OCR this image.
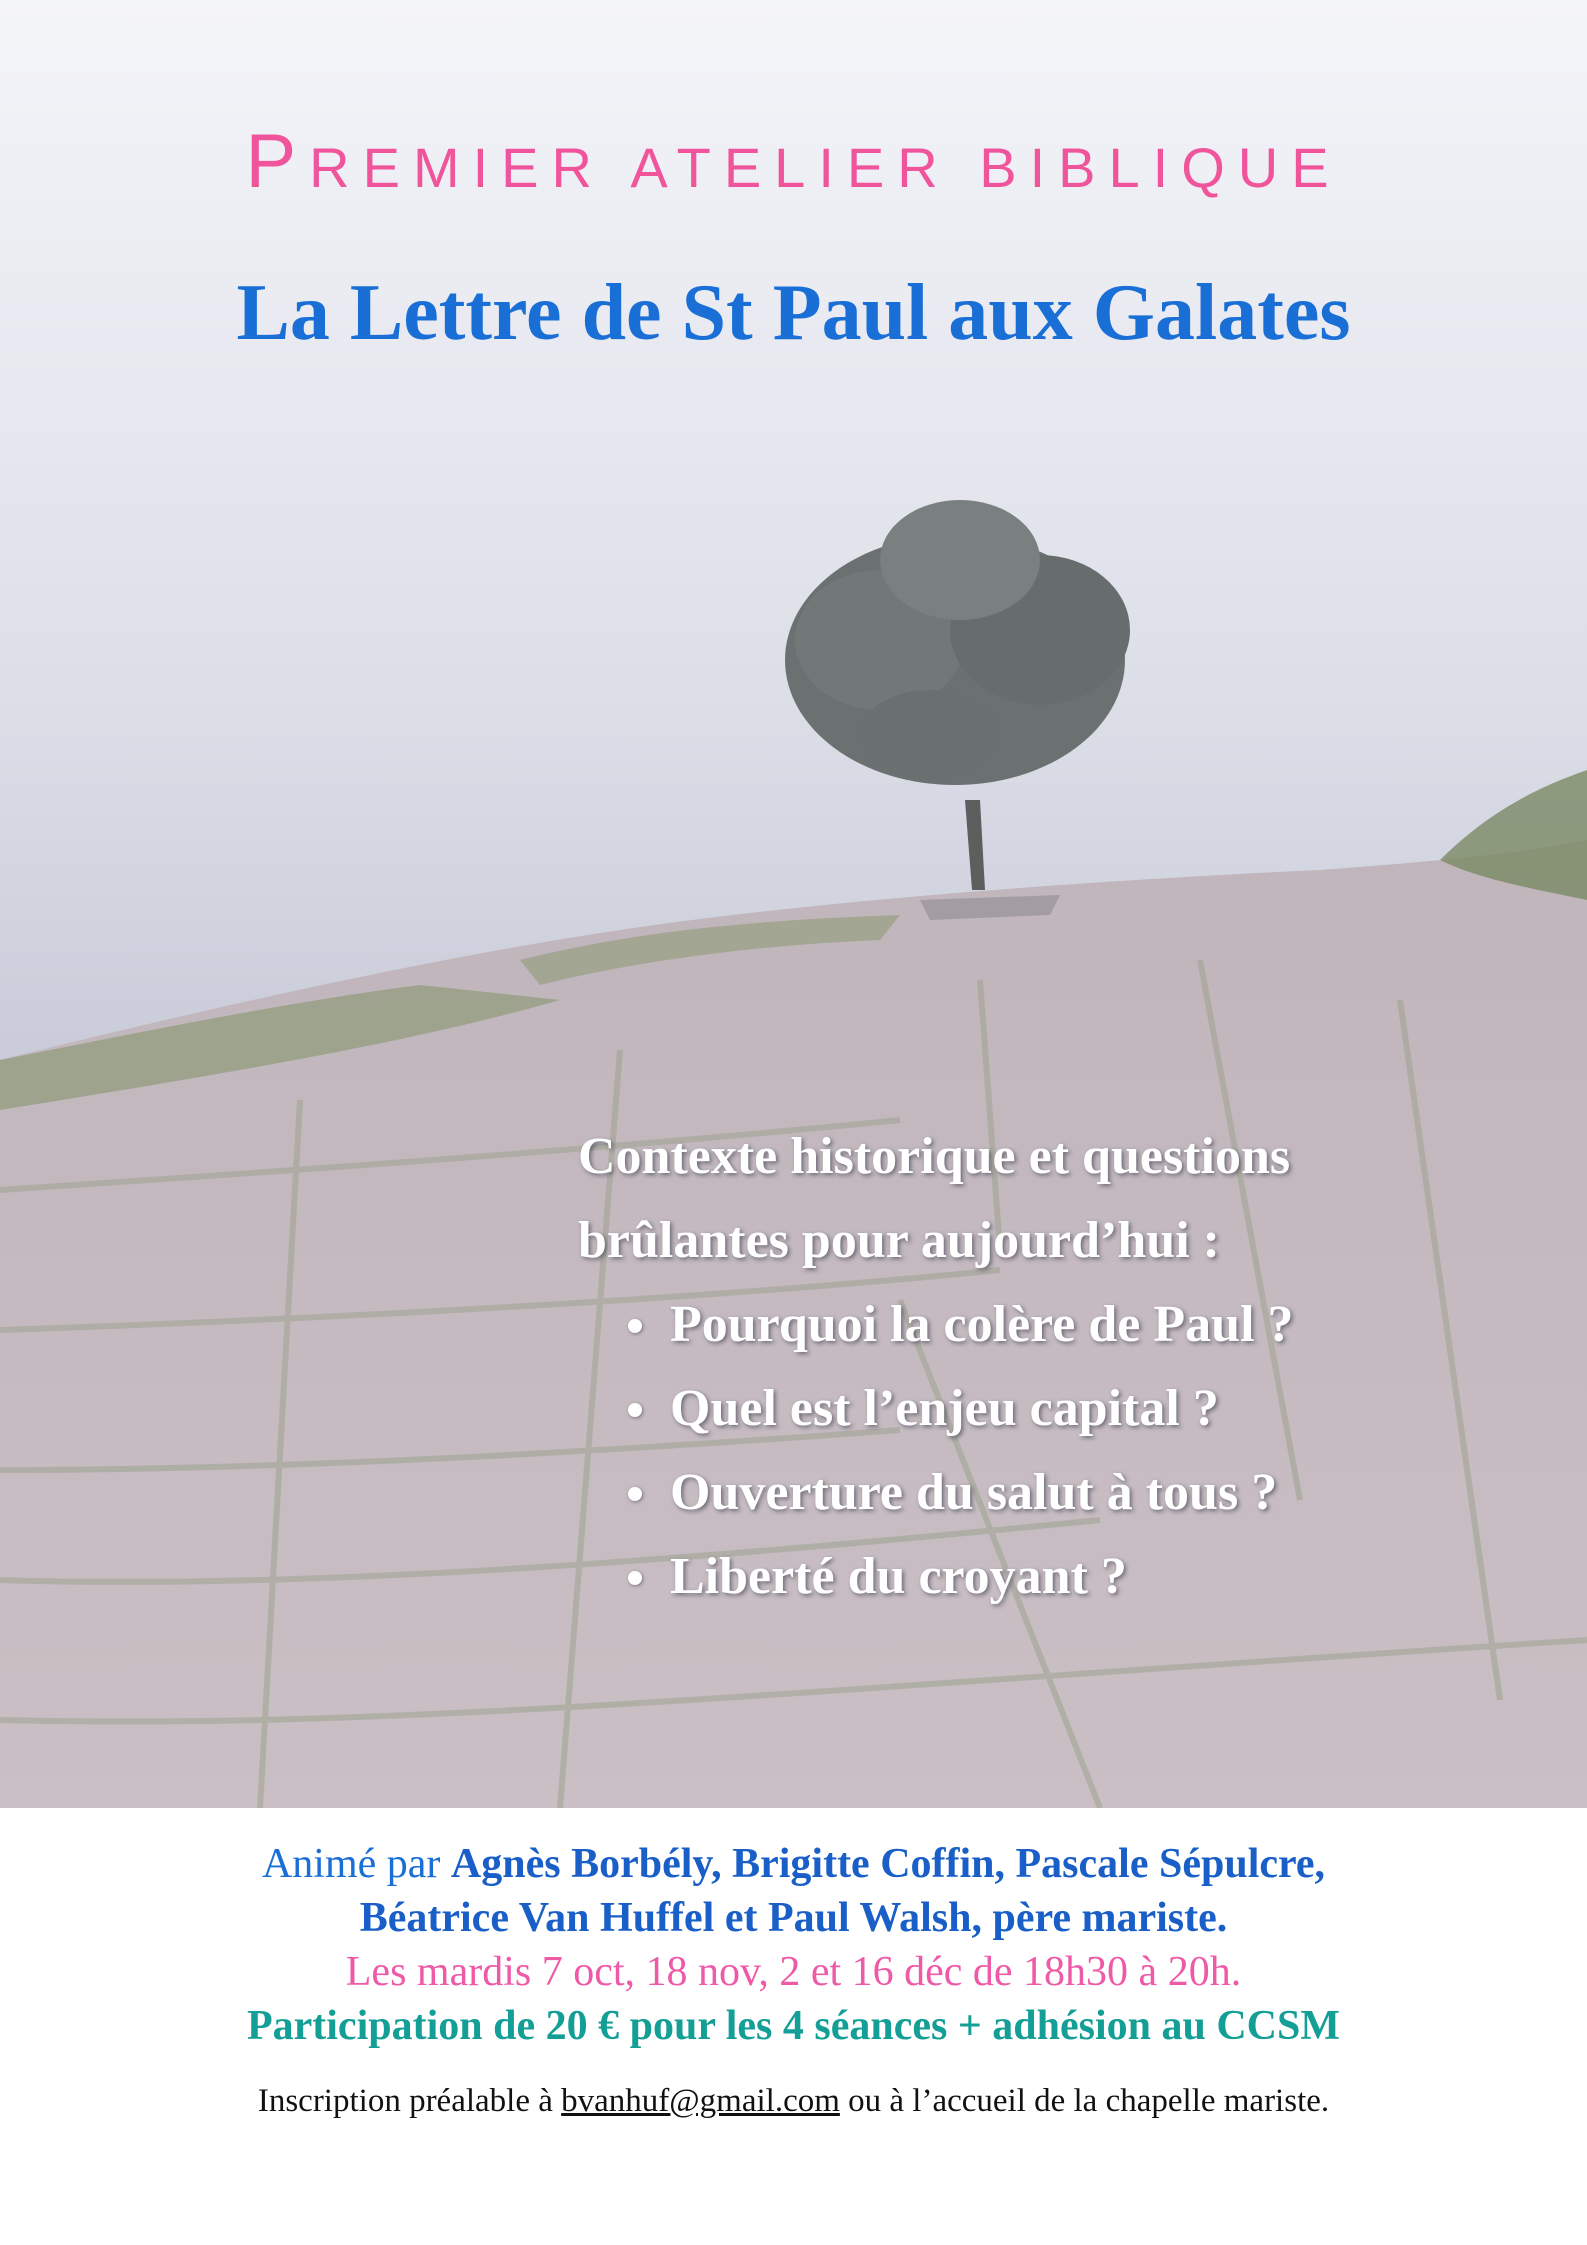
PREMIER ATELIER BIBLIQUE
La Lettre de St Paul aux Galates
Contexte historique et questions
brûlantes pour aujourd’hui :
Pourquoi la colère de Paul ?
Quel est l’enjeu capital ?
Ouverture du salut à tous ?
Liberté du croyant ?
Animé par Agnès Borbély, Brigitte Coffin, Pascale Sépulcre,
Béatrice Van Huffel et Paul Walsh, père mariste.
Les mardis 7 oct, 18 nov, 2 et 16 déc de 18h30 à 20h.
Participation de 20 € pour les 4 séances + adhésion au CCSM
Inscription préalable à bvanhuf@gmail.com ou à l’accueil de la chapelle mariste.
